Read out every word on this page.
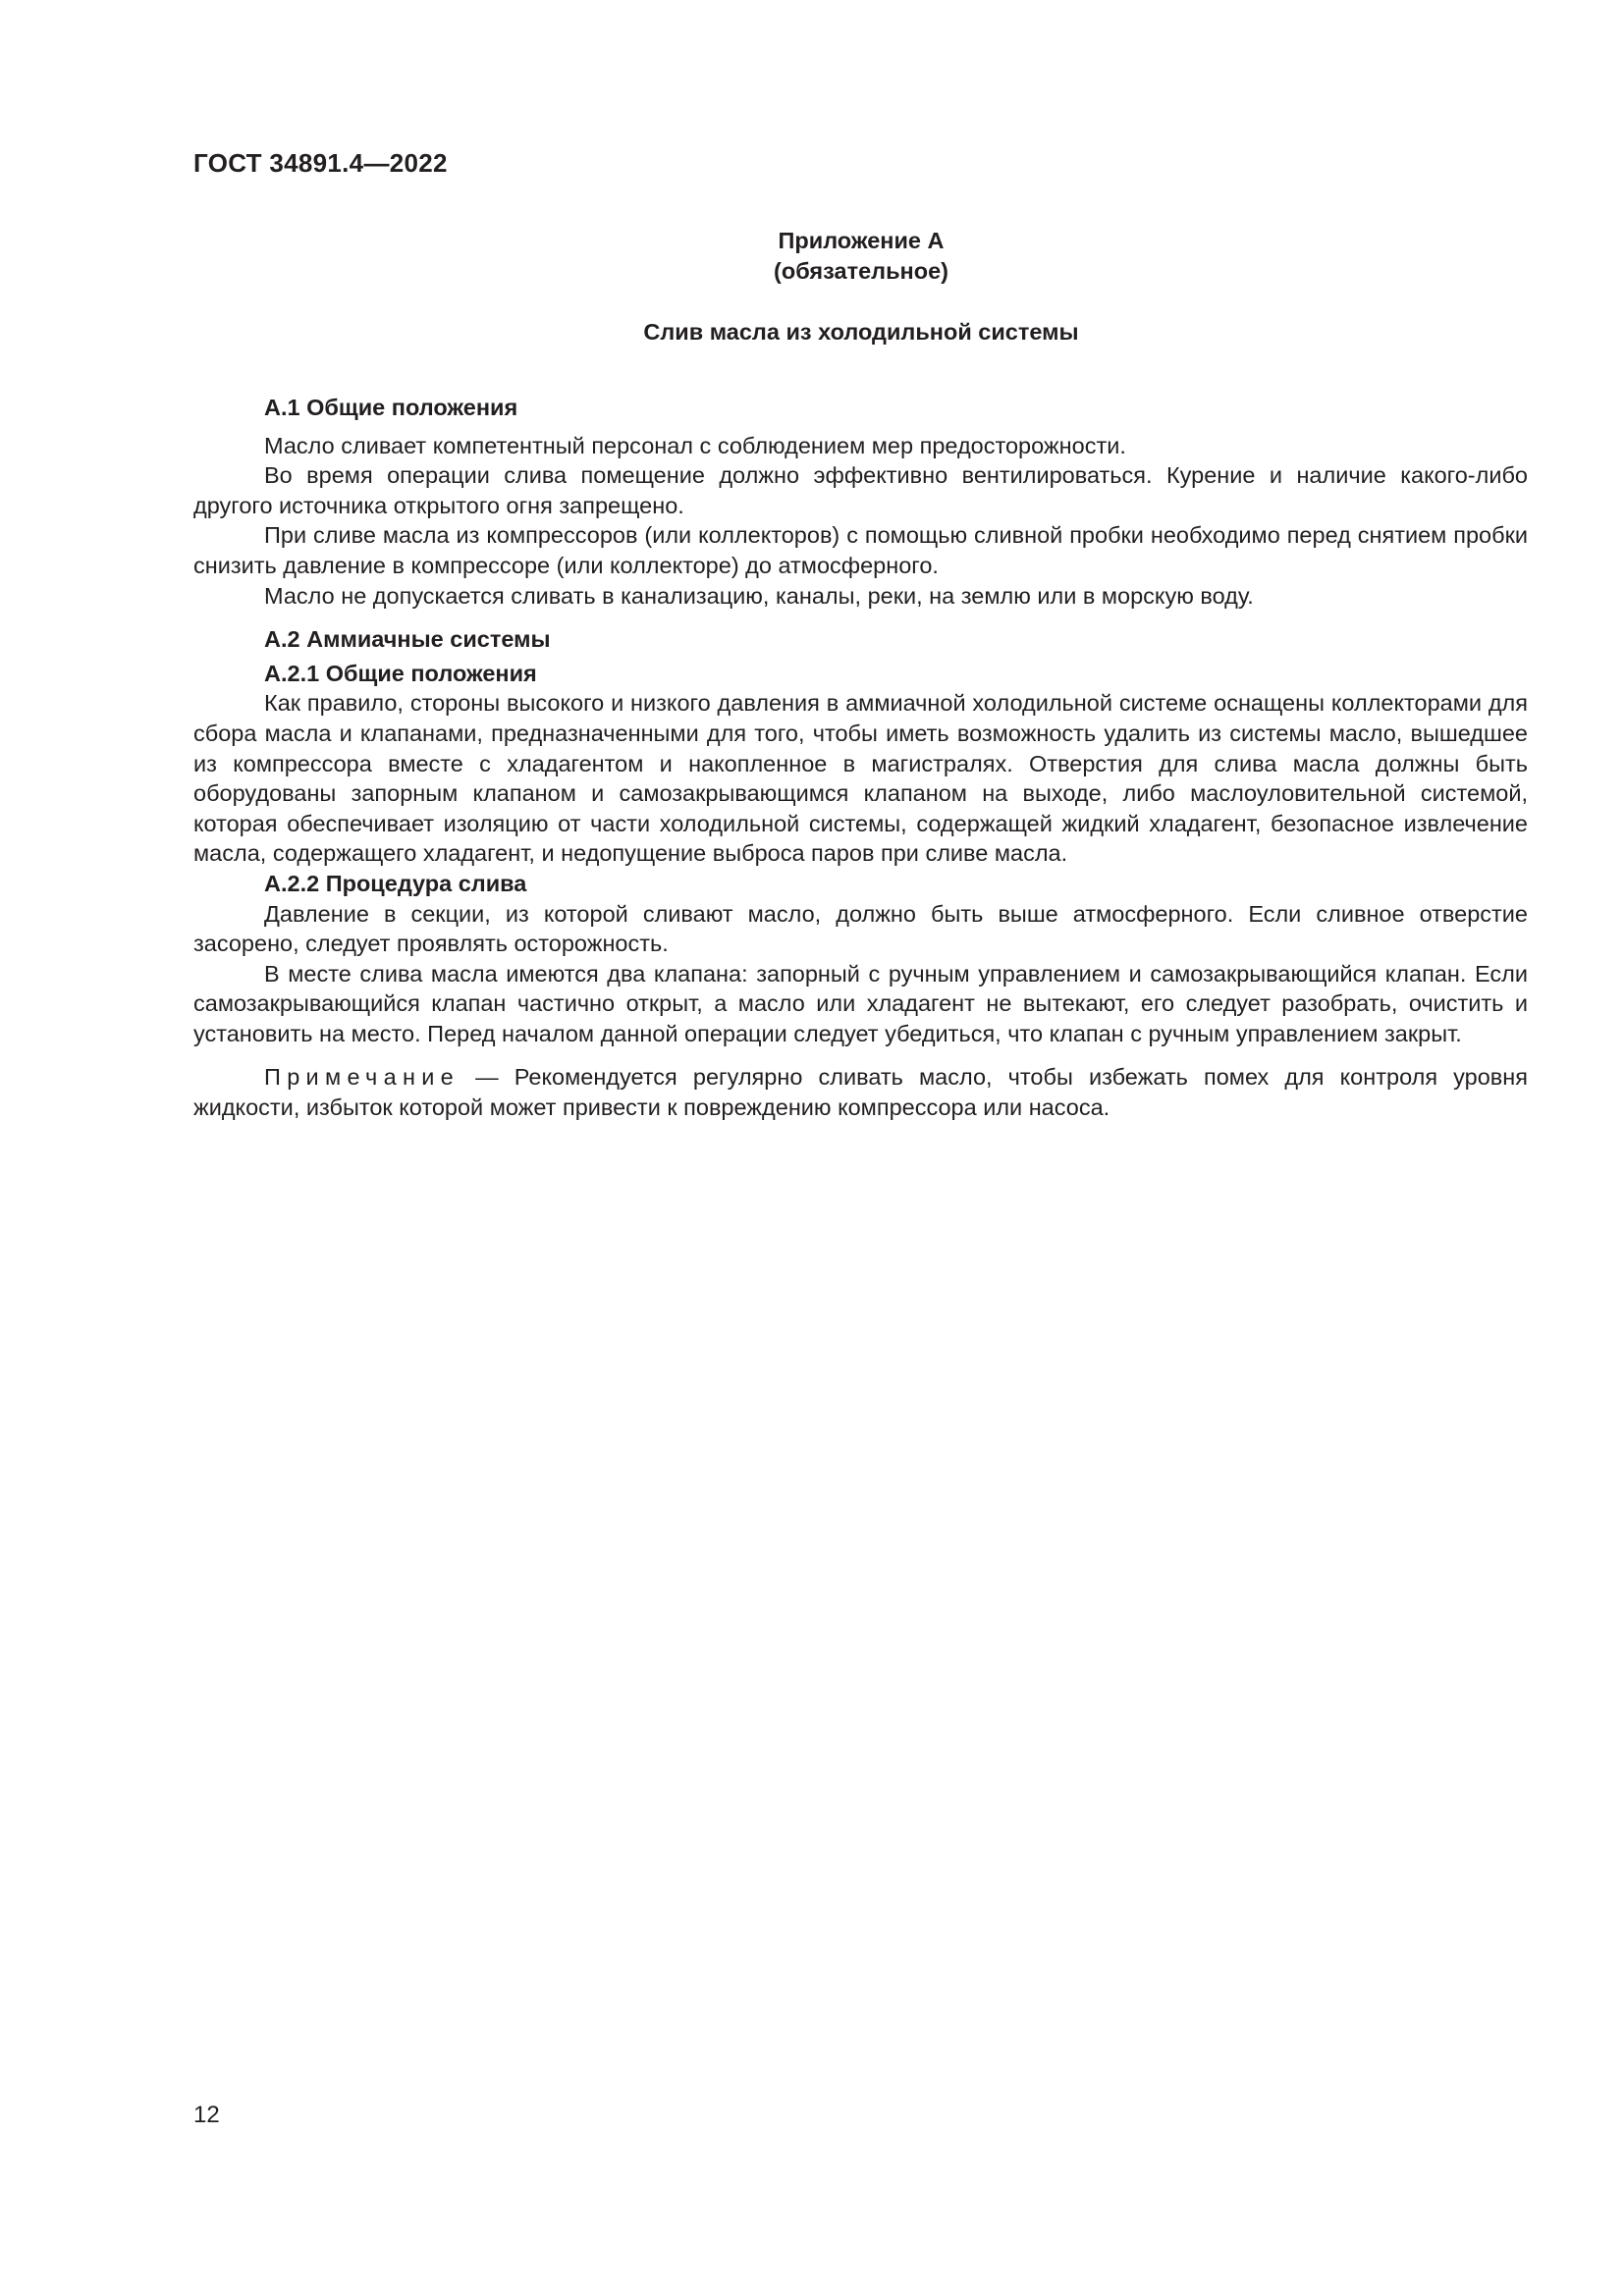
ГОСТ 34891.4—2022
Приложение А
(обязательное)
Слив масла из холодильной системы

А.1 Общие положения

Масло сливает компетентный персонал с соблюдением мер предосторожности.

Во время операции слива помещение должно эффективно вентилироваться. Курение и наличие какого-либо другого источника открытого огня запрещено.

При сливе масла из компрессоров (или коллекторов) с помощью сливной пробки необходимо перед снятием пробки снизить давление в компрессоре (или коллекторе) до атмосферного.

Масло не допускается сливать в канализацию, каналы, реки, на землю или в морскую воду.

А.2 Аммиачные системы

А.2.1 Общие положения

Как правило, стороны высокого и низкого давления в аммиачной холодильной системе оснащены коллекторами для сбора масла и клапанами, предназначенными для того, чтобы иметь возможность удалить из системы масло, вышедшее из компрессора вместе с хладагентом и накопленное в магистралях. Отверстия для слива масла должны быть оборудованы запорным клапаном и самозакрывающимся клапаном на выходе, либо маслоуловительной системой, которая обеспечивает изоляцию от части холодильной системы, содержащей жидкий хладагент, безопасное извлечение масла, содержащего хладагент, и недопущение выброса паров при сливе масла.

А.2.2 Процедура слива

Давление в секции, из которой сливают масло, должно быть выше атмосферного. Если сливное отверстие засорено, следует проявлять осторожность.

В месте слива масла имеются два клапана: запорный с ручным управлением и самозакрывающийся клапан. Если самозакрывающийся клапан частично открыт, а масло или хладагент не вытекают, его следует разобрать, очистить и установить на место. Перед началом данной операции следует убедиться, что клапан с ручным управлением закрыт.

Примечание — Рекомендуется регулярно сливать масло, чтобы избежать помех для контроля уровня жидкости, избыток которой может привести к повреждению компрессора или насоса.

12
